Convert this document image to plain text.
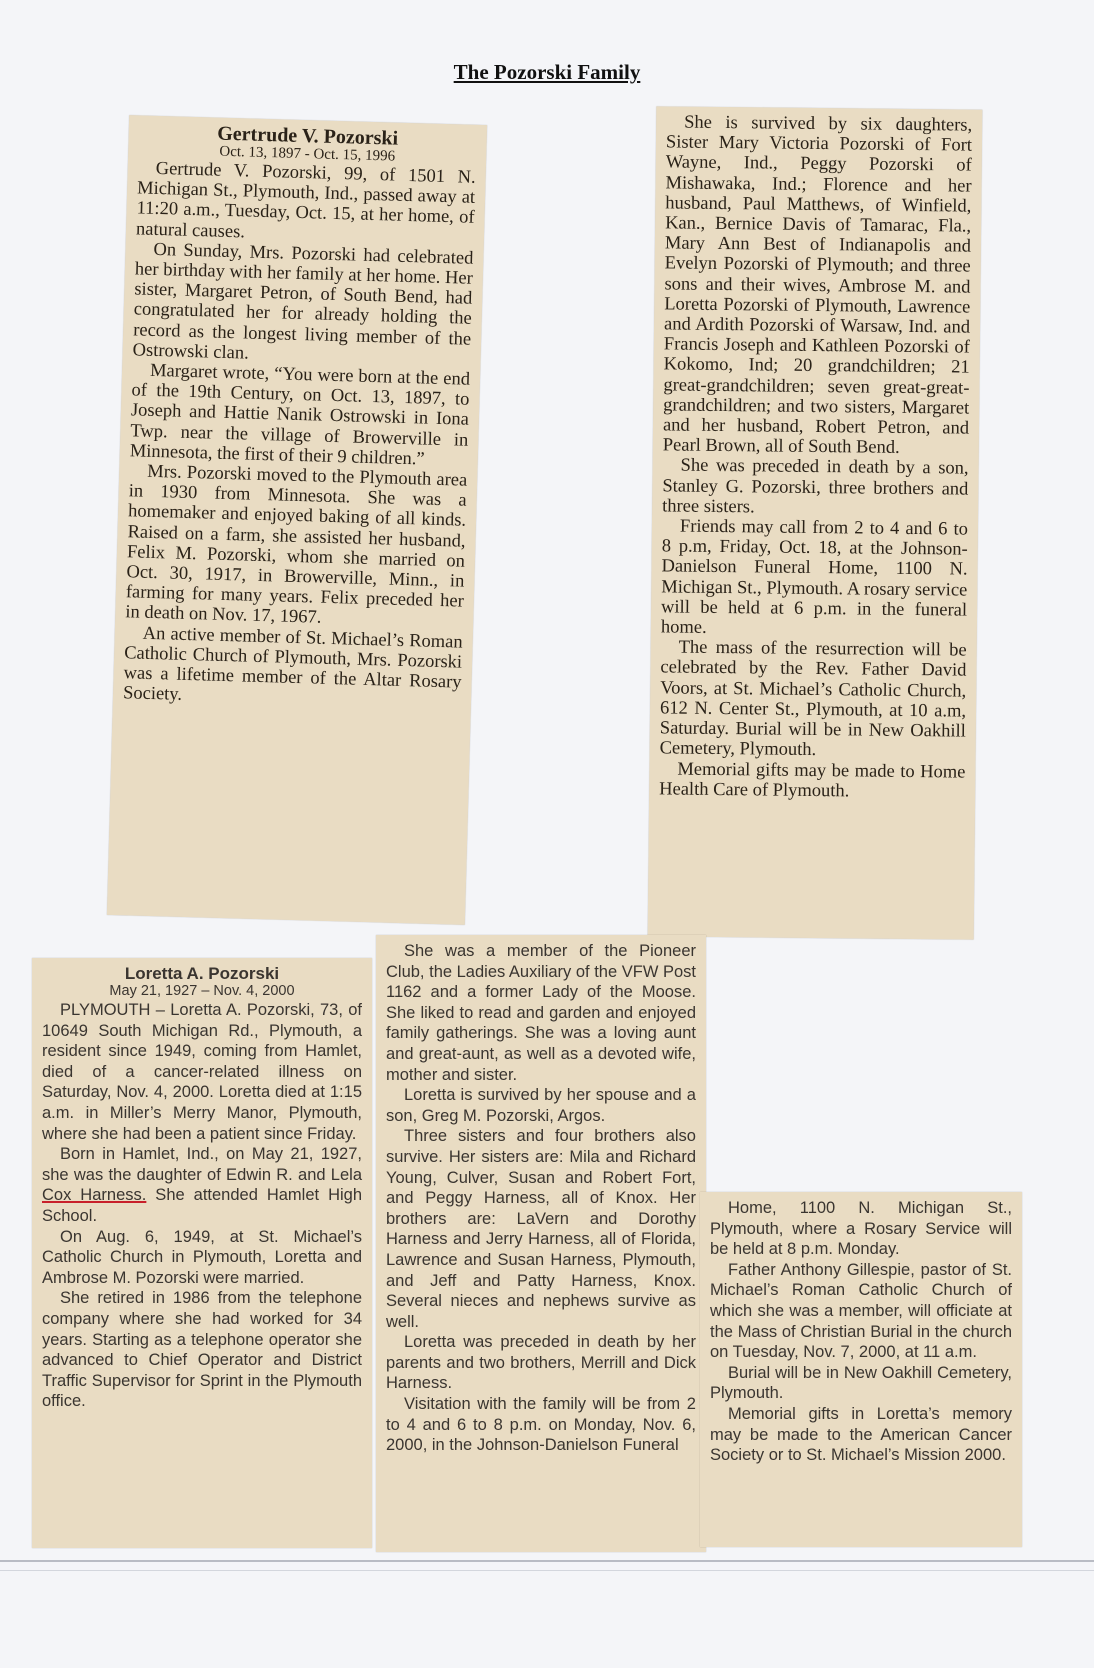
The Pozorski Family

Gertrude V. Pozorski

Oct. 13, 1897 - Oct. 15, 1996

Gertrude V. Pozorski, 99, of 1501 N. Michigan St., Plymouth, Ind., passed away at 11:20 a.m., Tuesday, Oct. 15, at her home, of natural causes.

On Sunday, Mrs. Pozorski had celebrated her birthday with her family at her home. Her sister, Margaret Petron, of South Bend, had congratulated her for already holding the record as the longest living member of the Ostrowski clan.

Margaret wrote, “You were born at the end of the 19th Century, on Oct. 13, 1897, to Joseph and Hattie Nanik Ostrowski in Iona Twp. near the village of Browerville in Minnesota, the first of their 9 children.”

Mrs. Pozorski moved to the Plymouth area in 1930 from Minnesota. She was a homemaker and enjoyed baking of all kinds. Raised on a farm, she assisted her husband, Felix M. Pozorski, whom she married on Oct. 30, 1917, in Browerville, Minn., in farming for many years. Felix preceded her in death on Nov. 17, 1967.

An active member of St. Michael’s Roman Catholic Church of Plymouth, Mrs. Pozorski was a lifetime member of the Altar Rosary Society.

She is survived by six daughters, Sister Mary Victoria Pozorski of Fort Wayne, Ind., Peggy Pozorski of Mishawaka, Ind.; Florence and her husband, Paul Matthews, of Winfield, Kan., Bernice Davis of Tamarac, Fla., Mary Ann Best of Indianapolis and Evelyn Pozorski of Plymouth; and three sons and their wives, Ambrose M. and Loretta Pozorski of Plymouth, Lawrence and Ardith Pozorski of Warsaw, Ind. and Francis Joseph and Kathleen Pozorski of Kokomo, Ind; 20 grandchildren; 21 great-grandchildren; seven great-great-grandchildren; and two sisters, Margaret and her husband, Robert Petron, and Pearl Brown, all of South Bend.

She was preceded in death by a son, Stanley G. Pozorski, three brothers and three sisters.

Friends may call from 2 to 4 and 6 to 8 p.m, Friday, Oct. 18, at the Johnson-Danielson Funeral Home, 1100 N. Michigan St., Plymouth. A rosary service will be held at 6 p.m. in the funeral home.

The mass of the resurrection will be celebrated by the Rev. Father David Voors, at St. Michael’s Catholic Church, 612 N. Center St., Plymouth, at 10 a.m, Saturday. Burial will be in New Oakhill Cemetery, Plymouth.

Memorial gifts may be made to Home Health Care of Plymouth.

Loretta A. Pozorski

May 21, 1927 – Nov. 4, 2000

PLYMOUTH – Loretta A. Pozorski, 73, of 10649 South Michigan Rd., Plymouth, a resident since 1949, coming from Hamlet, died of a cancer-related illness on Saturday, Nov. 4, 2000. Loretta died at 1:15 a.m. in Miller’s Merry Manor, Plymouth, where she had been a patient since Friday.

Born in Hamlet, Ind., on May 21, 1927, she was the daughter of Edwin R. and Lela Cox Harness. She attended Hamlet High School.

On Aug. 6, 1949, at St. Michael’s Catholic Church in Plymouth, Loretta and Ambrose M. Pozorski were married.

She retired in 1986 from the telephone company where she had worked for 34 years. Starting as a telephone operator she advanced to Chief Operator and District Traffic Supervisor for Sprint in the Plymouth office.

She was a member of the Pioneer Club, the Ladies Auxiliary of the VFW Post 1162 and a former Lady of the Moose. She liked to read and garden and enjoyed family gatherings. She was a loving aunt and great-aunt, as well as a devoted wife, mother and sister.

Loretta is survived by her spouse and a son, Greg M. Pozorski, Argos.

Three sisters and four brothers also survive. Her sisters are: Mila and Richard Young, Culver, Susan and Robert Fort, and Peggy Harness, all of Knox. Her brothers are: LaVern and Dorothy Harness and Jerry Harness, all of Florida, Lawrence and Susan Harness, Plymouth, and Jeff and Patty Harness, Knox. Several nieces and nephews survive as well.

Loretta was preceded in death by her parents and two brothers, Merrill and Dick Harness.

Visitation with the family will be from 2 to 4 and 6 to 8 p.m. on Monday, Nov. 6, 2000, in the Johnson-Danielson Funeral

Home, 1100 N. Michigan St., Plymouth, where a Rosary Service will be held at 8 p.m. Monday.

Father Anthony Gillespie, pastor of St. Michael’s Roman Catholic Church of which she was a member, will officiate at the Mass of Christian Burial in the church on Tuesday, Nov. 7, 2000, at 11 a.m.

Burial will be in New Oakhill Cemetery, Plymouth.

Memorial gifts in Loretta’s memory may be made to the American Cancer Society or to St. Michael’s Mission 2000.
